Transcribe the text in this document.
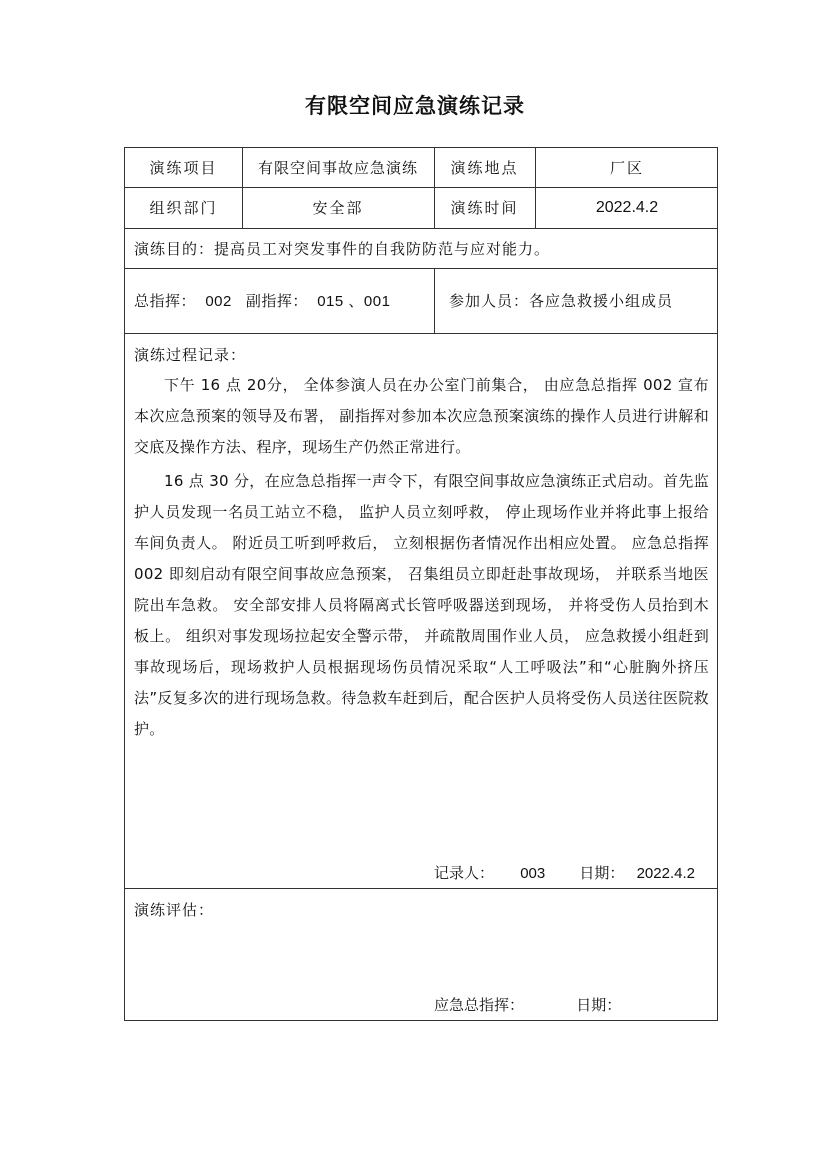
有限空间应急演练记录
演练项目	有限空间事故应急演练	演练地点	厂区
组织部门	安全部	演练时间	2022.4.2
演练目的：提高员工对突发事件的自我防防范与应对能力。
总指挥：  002   副指挥：  015 、001	参加人员：各应急救援小组成员
演练过程记录：

下午 16 点 20分， 全体参演人员在办公室门前集合， 由应急总指挥 002 宣布本次应急预案的领导及布署， 副指挥对参加本次应急预案演练的操作人员进行讲解和交底及操作方法、程序，现场生产仍然正常进行。

16 点 30 分，在应急总指挥一声令下，有限空间事故应急演练正式启动。首先监护人员发现一名员工站立不稳， 监护人员立刻呼救， 停止现场作业并将此事上报给车间负责人。 附近员工听到呼救后， 立刻根据伤者情况作出相应处置。 应急总指挥 002 即刻启动有限空间事故应急预案， 召集组员立即赶赴事故现场， 并联系当地医院出车急救。 安全部安排人员将隔离式长管呼吸器送到现场， 并将受伤人员抬到木板上。 组织对事发现场拉起安全警示带， 并疏散周围作业人员， 应急救援小组赶到事故现场后，现场救护人员根据现场伤员情况采取“人工呼吸法”和“心脏胸外挤压法”反复多次的进行现场急救。待急救车赶到后，配合医护人员将受伤人员送往医院救护。

记录人： 003 日期： 2022.4.2
演练评估：
应急总指挥：	日期：
